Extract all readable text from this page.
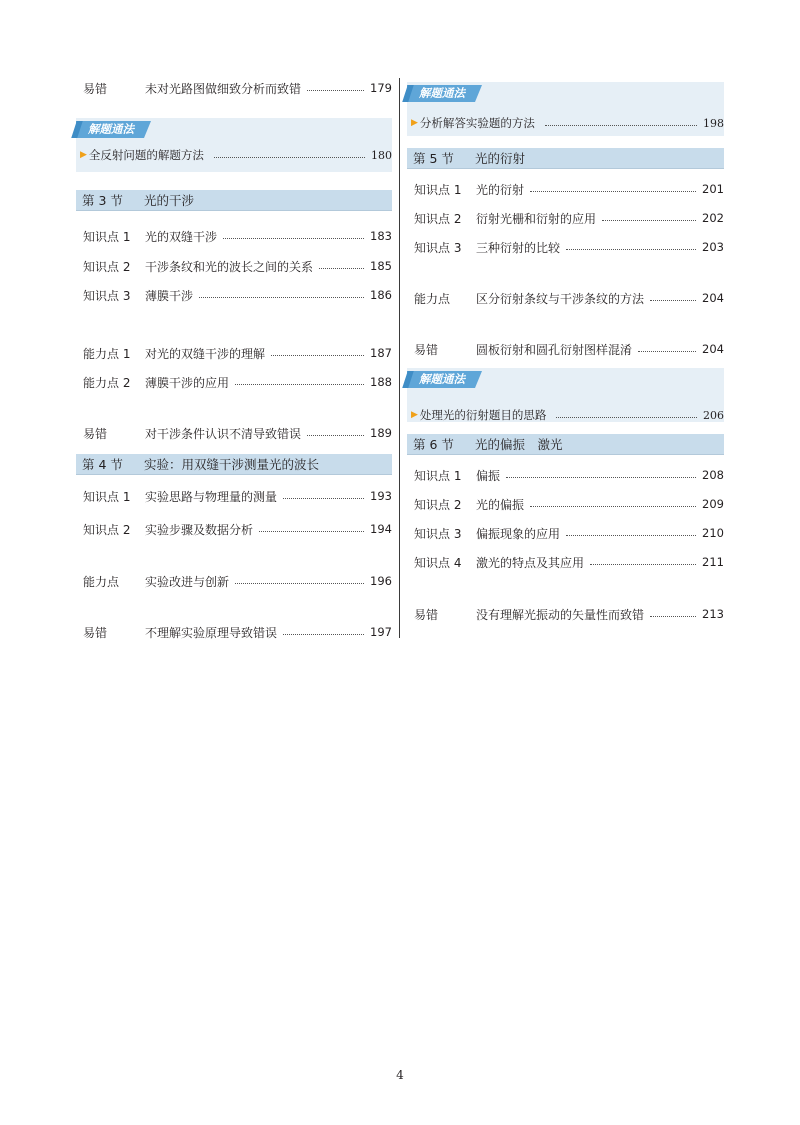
易错	未对光路图做细致分析而致错	179
解题通法
▶ 全反射问题的解题方法	180
第 3 节	光的干涉
知识点 1	光的双缝干涉	183
知识点 2	干涉条纹和光的波长之间的关系	185
知识点 3	薄膜干涉	186
能力点 1	对光的双缝干涉的理解	187
能力点 2	薄膜干涉的应用	188
易错	对干涉条件认识不清导致错误	189
第 4 节	实验：用双缝干涉测量光的波长
知识点 1	实验思路与物理量的测量	193
知识点 2	实验步骤及数据分析	194
能力点	实验改进与创新	196
易错	不理解实验原理导致错误	197
解题通法
▶ 分析解答实验题的方法	198
第 5 节	光的衍射
知识点 1	光的衍射	201
知识点 2	衍射光栅和衍射的应用	202
知识点 3	三种衍射的比较	203
能力点	区分衍射条纹与干涉条纹的方法	204
易错	圆板衍射和圆孔衍射图样混淆	204
解题通法
▶ 处理光的衍射题目的思路	206
第 6 节	光的偏振　激光
知识点 1	偏振	208
知识点 2	光的偏振	209
知识点 3	偏振现象的应用	210
知识点 4	激光的特点及其应用	211
易错	没有理解光振动的矢量性而致错	213
4
